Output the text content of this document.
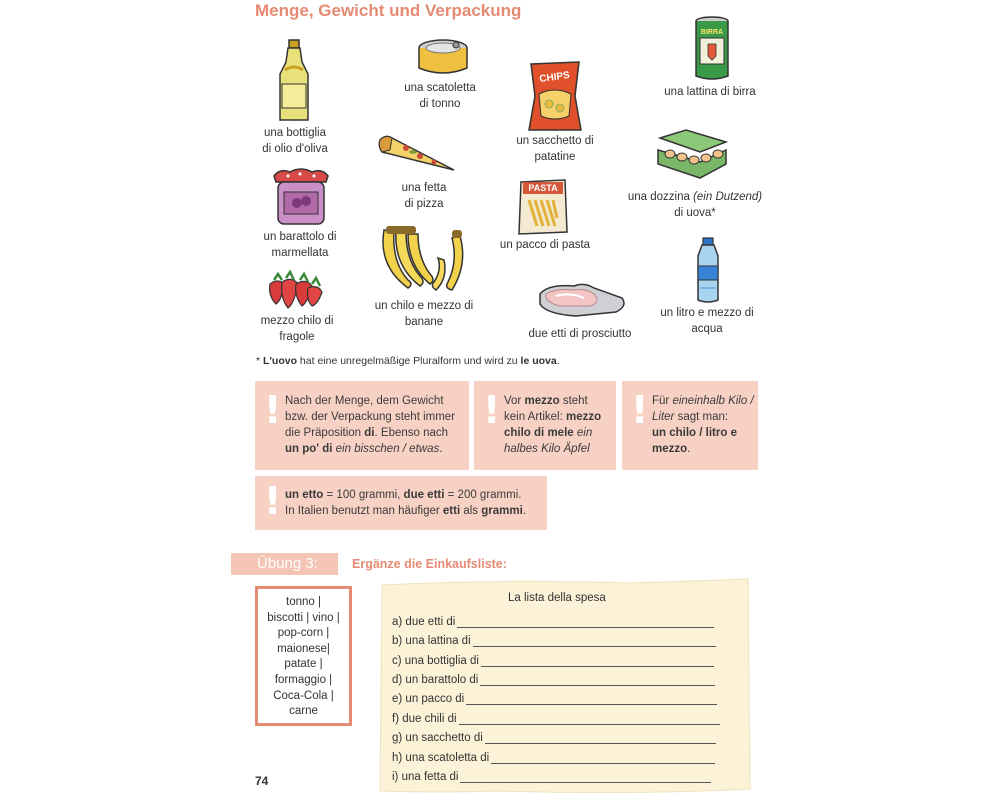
Menge, Gewicht und Verpackung
una bottiglia
di olio d'oliva
una scatoletta
di tonno
CHIPS
un sacchetto di
patatine
BIRRA
una lattina di birra
una fetta
di pizza
un barattolo di
marmellata
PASTA
un pacco di pasta
una dozzina (ein Dutzend)
di uova*
un chilo e mezzo di
banane
un litro e mezzo di
acqua
mezzo chilo di
fragole	due etti di prosciutto
* L'uovo hat eine unregelmäßige Pluralform und wird zu le uova.
! Nach der Menge, dem Gewicht
bzw. der Verpackung steht immer
die Präposition di. Ebenso nach
un po' di ein bisschen / etwas.
! Vor mezzo steht
kein Artikel: mezzo
chilo di mele ein
halbes Kilo Äpfel
! Für eineinhalb Kilo /
Liter sagt man:
un chilo / litro e
mezzo.
! un etto = 100 grammi, due etti = 200 grammi.
In Italien benutzt man häufiger etti als grammi.
Übung 3:	Ergänze die Einkaufsliste:
tonno |
biscotti | vino |
pop-corn |
maionese|
patate |
formaggio |
Coca-Cola |
carne
La lista della spesa
a) due etti di
b) una lattina di
c) una bottiglia di
d) un barattolo di
e) un pacco di
f) due chili di
g) un sacchetto di
h) una scatoletta di
i) una fetta di
74
